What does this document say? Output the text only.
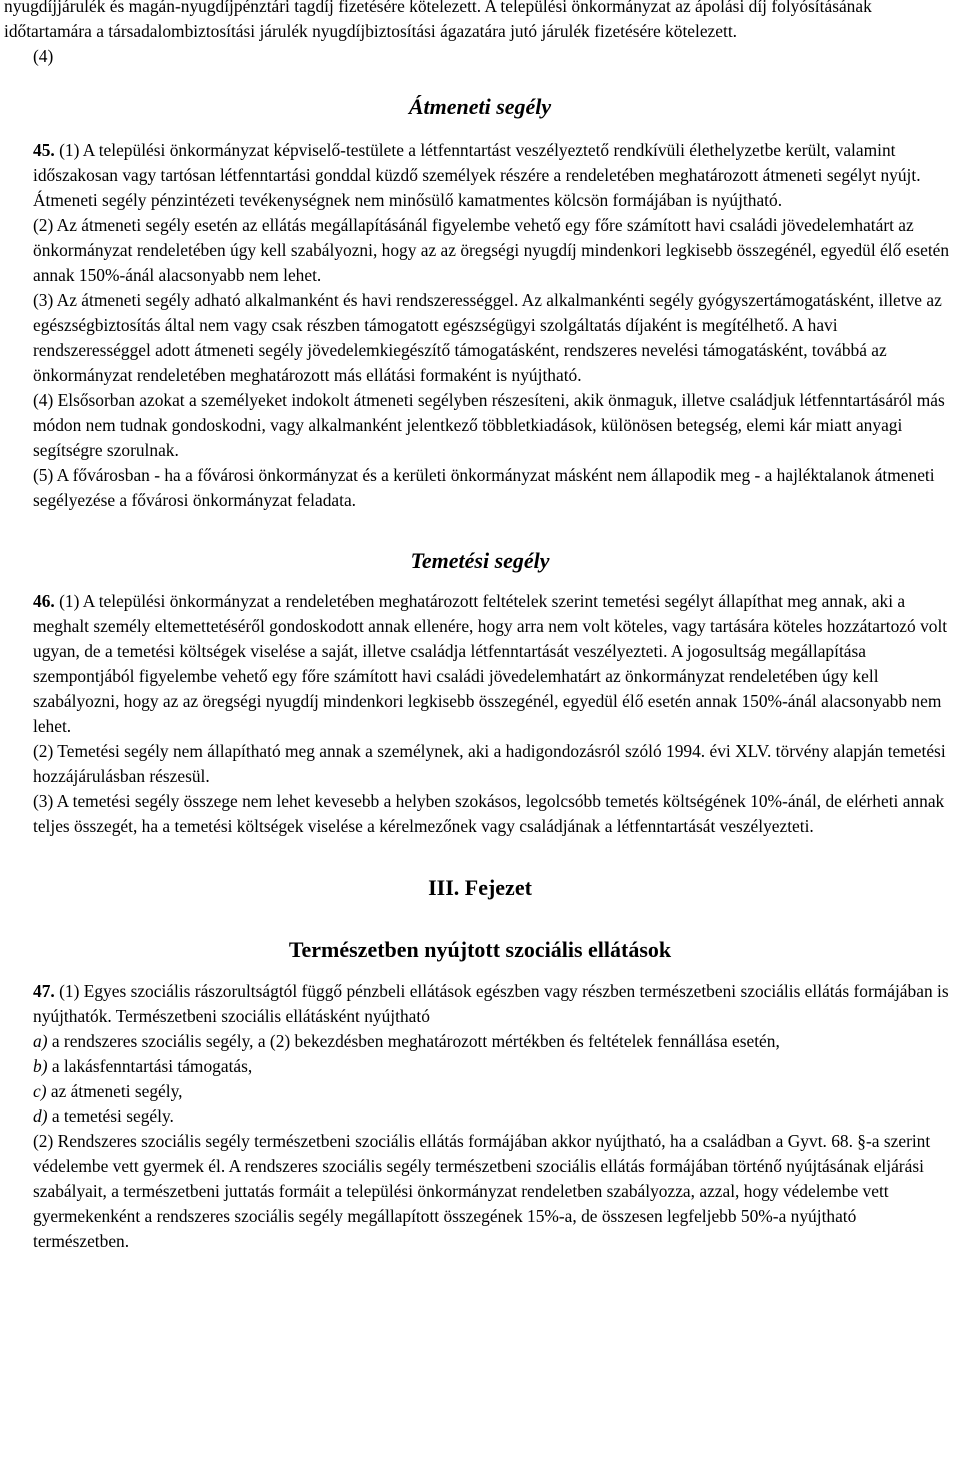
nyugdíjjárulék és magán-nyugdíjpénztári tagdíj fizetésére kötelezett. A települési önkormányzat az ápolási díj folyósításának időtartamára a társadalombiztosítási járulék nyugdíjbiztosítási ágazatára jutó járulék fizetésére kötelezett.

(4)

Átmeneti segély

45. (1) A települési önkormányzat képviselő-testülete a létfenntartást veszélyeztető rendkívüli élethelyzetbe került, valamint időszakosan vagy tartósan létfenntartási gonddal küzdő személyek részére a rendeletében meghatározott átmeneti segélyt nyújt. Átmeneti segély pénzintézeti tevékenységnek nem minősülő kamatmentes kölcsön formájában is nyújtható.

(2) Az átmeneti segély esetén az ellátás megállapításánál figyelembe vehető egy főre számított havi családi jövedelemhatárt az önkormányzat rendeletében úgy kell szabályozni, hogy az az öregségi nyugdíj mindenkori legkisebb összegénél, egyedül élő esetén annak 150%-ánál alacsonyabb nem lehet.

(3) Az átmeneti segély adható alkalmanként és havi rendszerességgel. Az alkalmankénti segély gyógyszertámogatásként, illetve az egészségbiztosítás által nem vagy csak részben támogatott egészségügyi szolgáltatás díjaként is megítélhető. A havi rendszerességgel adott átmeneti segély jövedelemkiegészítő támogatásként, rendszeres nevelési támogatásként, továbbá az önkormányzat rendeletében meghatározott más ellátási formaként is nyújtható.

(4) Elsősorban azokat a személyeket indokolt átmeneti segélyben részesíteni, akik önmaguk, illetve családjuk létfenntartásáról más módon nem tudnak gondoskodni, vagy alkalmanként jelentkező többletkiadások, különösen betegség, elemi kár miatt anyagi segítségre szorulnak.

(5) A fővárosban - ha a fővárosi önkormányzat és a kerületi önkormányzat másként nem állapodik meg - a hajléktalanok átmeneti segélyezése a fővárosi önkormányzat feladata.

Temetési segély

46. (1) A települési önkormányzat a rendeletében meghatározott feltételek szerint temetési segélyt állapíthat meg annak, aki a meghalt személy eltemettetéséről gondoskodott annak ellenére, hogy arra nem volt köteles, vagy tartására köteles hozzátartozó volt ugyan, de a temetési költségek viselése a saját, illetve családja létfenntartását veszélyezteti. A jogosultság megállapítása szempontjából figyelembe vehető egy főre számított havi családi jövedelemhatárt az önkormányzat rendeletében úgy kell szabályozni, hogy az az öregségi nyugdíj mindenkori legkisebb összegénél, egyedül élő esetén annak 150%-ánál alacsonyabb nem lehet.

(2) Temetési segély nem állapítható meg annak a személynek, aki a hadigondozásról szóló 1994. évi XLV. törvény alapján temetési hozzájárulásban részesül.

(3) A temetési segély összege nem lehet kevesebb a helyben szokásos, legolcsóbb temetés költségének 10%-ánál, de elérheti annak teljes összegét, ha a temetési költségek viselése a kérelmezőnek vagy családjának a létfenntartását veszélyezteti.

III. Fejezet
Természetben nyújtott szociális ellátások

47. (1) Egyes szociális rászorultságtól függő pénzbeli ellátások egészben vagy részben természetbeni szociális ellátás formájában is nyújthatók. Természetbeni szociális ellátásként nyújtható

a) a rendszeres szociális segély, a (2) bekezdésben meghatározott mértékben és feltételek fennállása esetén,

b) a lakásfenntartási támogatás,

c) az átmeneti segély,

d) a temetési segély.

(2) Rendszeres szociális segély természetbeni szociális ellátás formájában akkor nyújtható, ha a családban a Gyvt. 68. §-a szerint védelembe vett gyermek él. A rendszeres szociális segély természetbeni szociális ellátás formájában történő nyújtásának eljárási szabályait, a természetbeni juttatás formáit a települési önkormányzat rendeletben szabályozza, azzal, hogy védelembe vett gyermekenként a rendszeres szociális segély megállapított összegének 15%-a, de összesen legfeljebb 50%-a nyújtható természetben.
